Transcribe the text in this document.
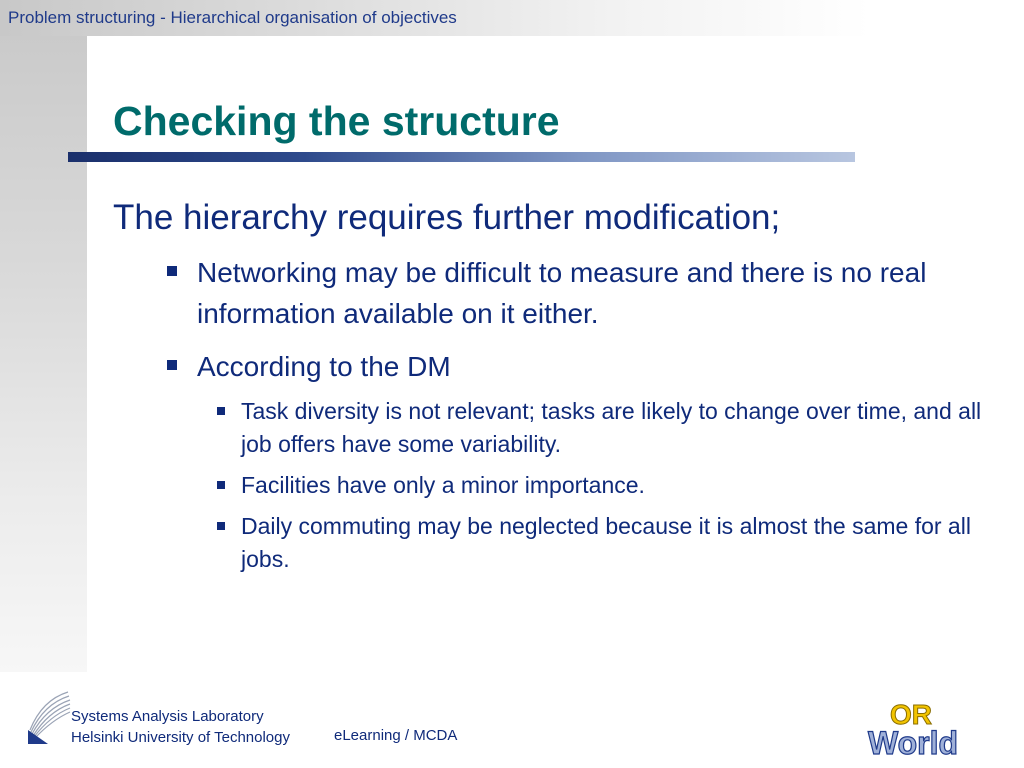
Problem structuring - Hierarchical organisation of objectives
Checking the structure

The hierarchy requires further modification;

Networking may be difficult to measure and there is no real information available on it either.
According to the DM
Task diversity is not relevant; tasks are likely to change over time, and all job offers have some variability.
Facilities have only a minor importance.
Daily commuting may be neglected because it is almost the same for all jobs.
Systems Analysis Laboratory
Helsinki University of Technology	eLearning / MCDA
OR
World
